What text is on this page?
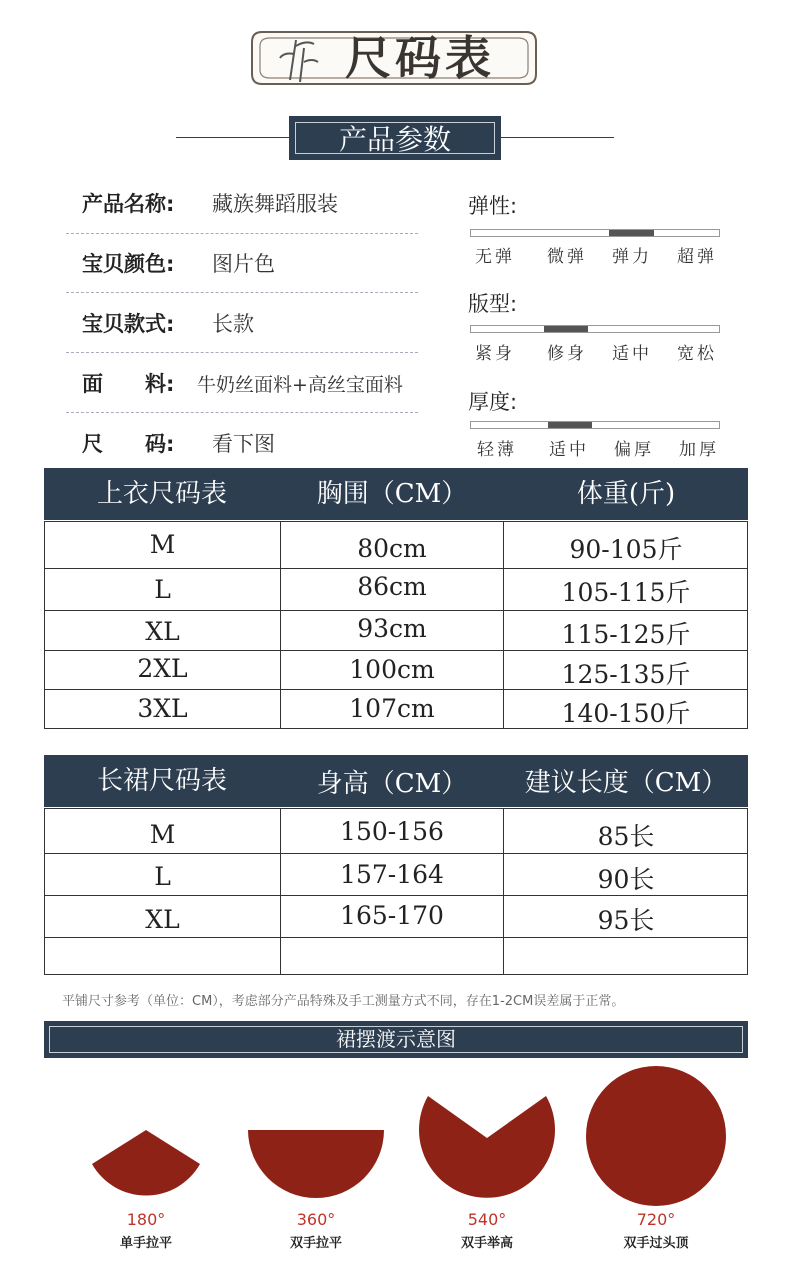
尺码表
产品参数
产品名称: 藏族舞蹈服装
宝贝颜色: 图片色
宝贝款式: 长款
面　　料: 牛奶丝面料+高丝宝面料
尺　　码: 看下图
弹性:
无弹	微弹	弹力	超弹
版型:
紧身	修身	适中	宽松
厚度:
轻薄	适中	偏厚	加厚
上衣尺码表	胸围（CM）	体重(斤)
M	80cm	90-105斤
L	86cm	105-115斤
XL	93cm	115-125斤
2XL	100cm	125-135斤
3XL	107cm	140-150斤
长裙尺码表	身高（CM）	建议长度（CM）
M	150-156	85长
L	157-164	90长
XL	165-170	95长
平铺尺寸参考（单位：CM），考虑部分产品特殊及手工测量方式不同，存在1-2CM误差属于正常。
裙摆渡示意图
180°
单手拉平
360°
双手拉平
540°
双手举高
720°
双手过头顶
